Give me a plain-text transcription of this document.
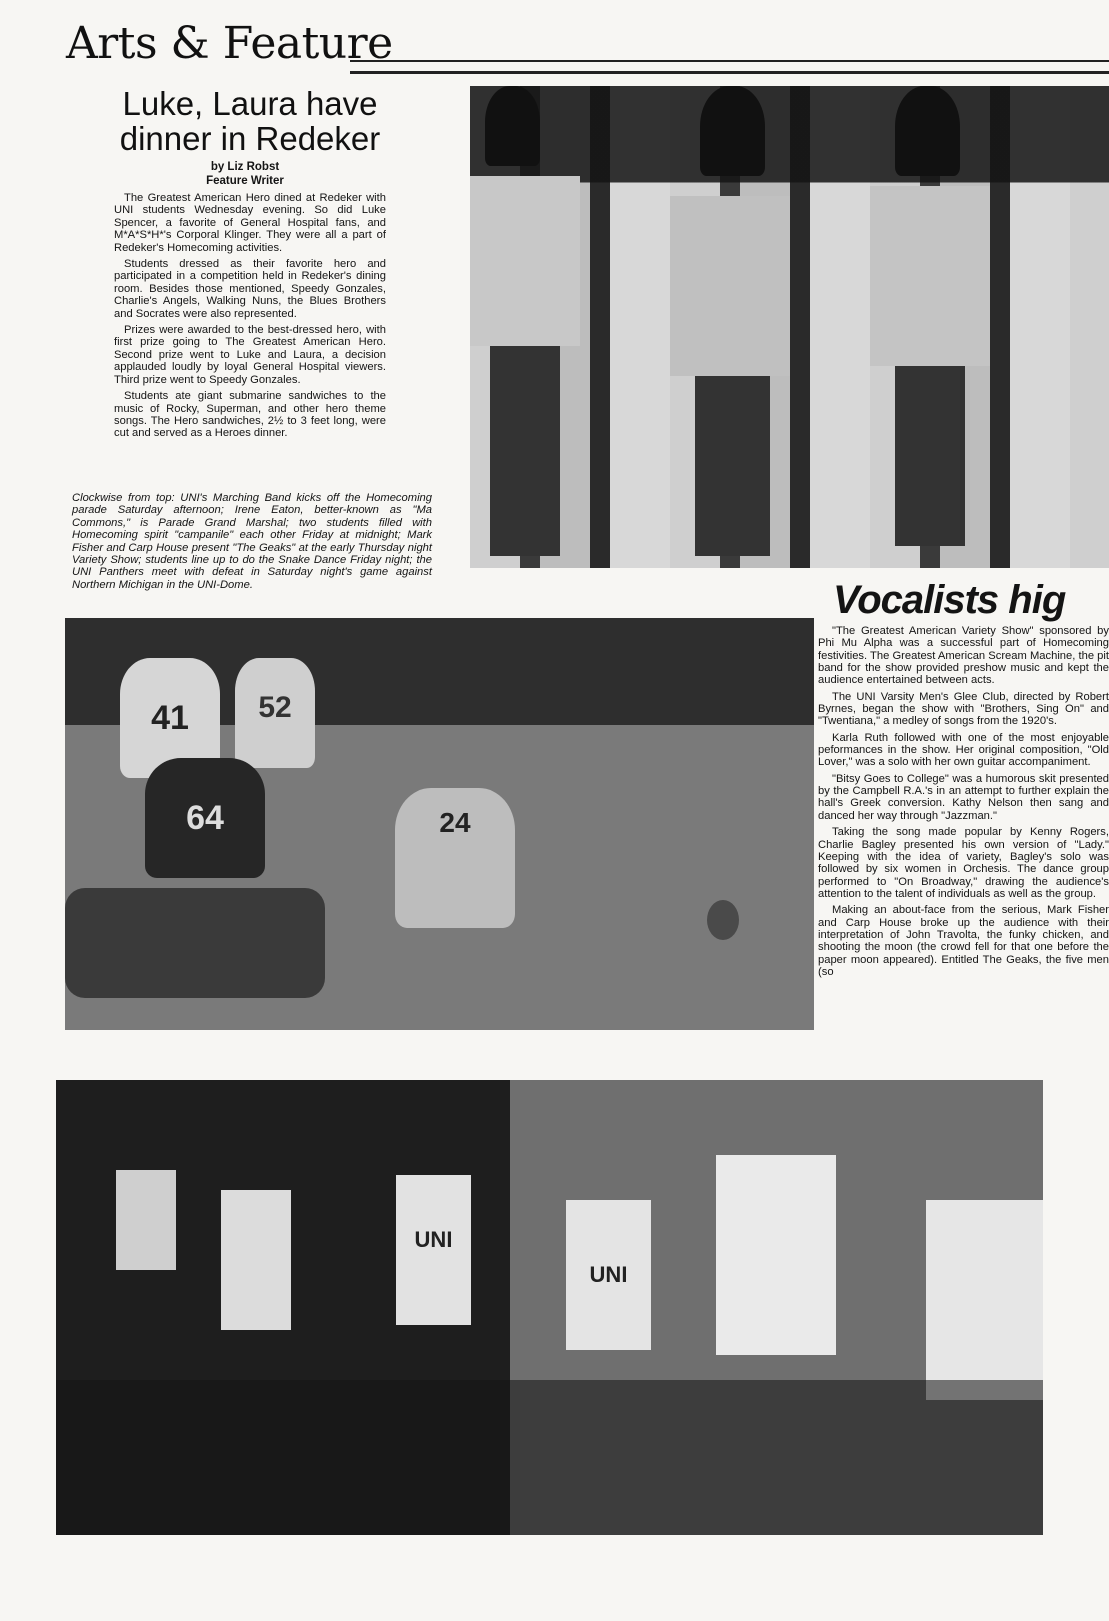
Arts & Feature
Luke, Laura have dinner in Redeker
by Liz Robst
Feature Writer

The Greatest American Hero dined at Redeker with UNI students Wednesday evening. So did Luke Spencer, a favorite of General Hospital fans, and M*A*S*H*'s Corporal Klinger. They were all a part of Redeker's Homecoming activities.

Students dressed as their favorite hero and participated in a competition held in Redeker's dining room. Besides those mentioned, Speedy Gonzales, Charlie's Angels, Walking Nuns, the Blues Brothers and Socrates were also represented.

Prizes were awarded to the best-dressed hero, with first prize going to The Greatest American Hero. Second prize went to Luke and Laura, a decision applauded loudly by loyal General Hospital viewers. Third prize went to Speedy Gonzales.

Students ate giant submarine sandwiches to the music of Rocky, Superman, and other hero theme songs. The Hero sandwiches, 2½ to 3 feet long, were cut and served as a Heroes dinner.

Clockwise from top: UNI's Marching Band kicks off the Homecoming parade Saturday afternoon; Irene Eaton, better-known as "Ma Commons," is Parade Grand Marshal; two students filled with Homecoming spirit "campanile" each other Friday at midnight; Mark Fisher and Carp House present "The Geaks" at the early Thursday night Variety Show; students line up to do the Snake Dance Friday night; the UNI Panthers meet with defeat in Saturday night's game against Northern Michigan in the UNI-Dome.	Vocalists hig

"The Greatest American Variety Show" sponsored by Phi Mu Alpha was a successful part of Homecoming festivities. The Greatest American Scream Machine, the pit band for the show provided preshow music and kept the audience entertained between acts.

The UNI Varsity Men's Glee Club, directed by Robert Byrnes, began the show with "Brothers, Sing On" and "Twentiana," a medley of songs from the 1920's.

Karla Ruth followed with one of the most enjoyable peformances in the show. Her original composition, "Old Lover," was a solo with her own guitar accompaniment.

"Bitsy Goes to College" was a humorous skit presented by the Campbell R.A.'s in an attempt to further explain the hall's Greek conversion. Kathy Nelson then sang and danced her way through "Jazzman."

Taking the song made popular by Kenny Rogers, Charlie Bagley presented his own version of "Lady." Keeping with the idea of variety, Bagley's solo was followed by six women in Orchesis. The dance group performed to "On Broadway," drawing the audience's attention to the talent of individuals as well as the group.

Making an about-face from the serious, Mark Fisher and Carp House broke up the audience with their interpretation of John Travolta, the funky chicken, and shooting the moon (the crowd fell for that one before the paper moon appeared). Entitled The Geaks, the five men (so

41	52
64	24
UNI
UNI
